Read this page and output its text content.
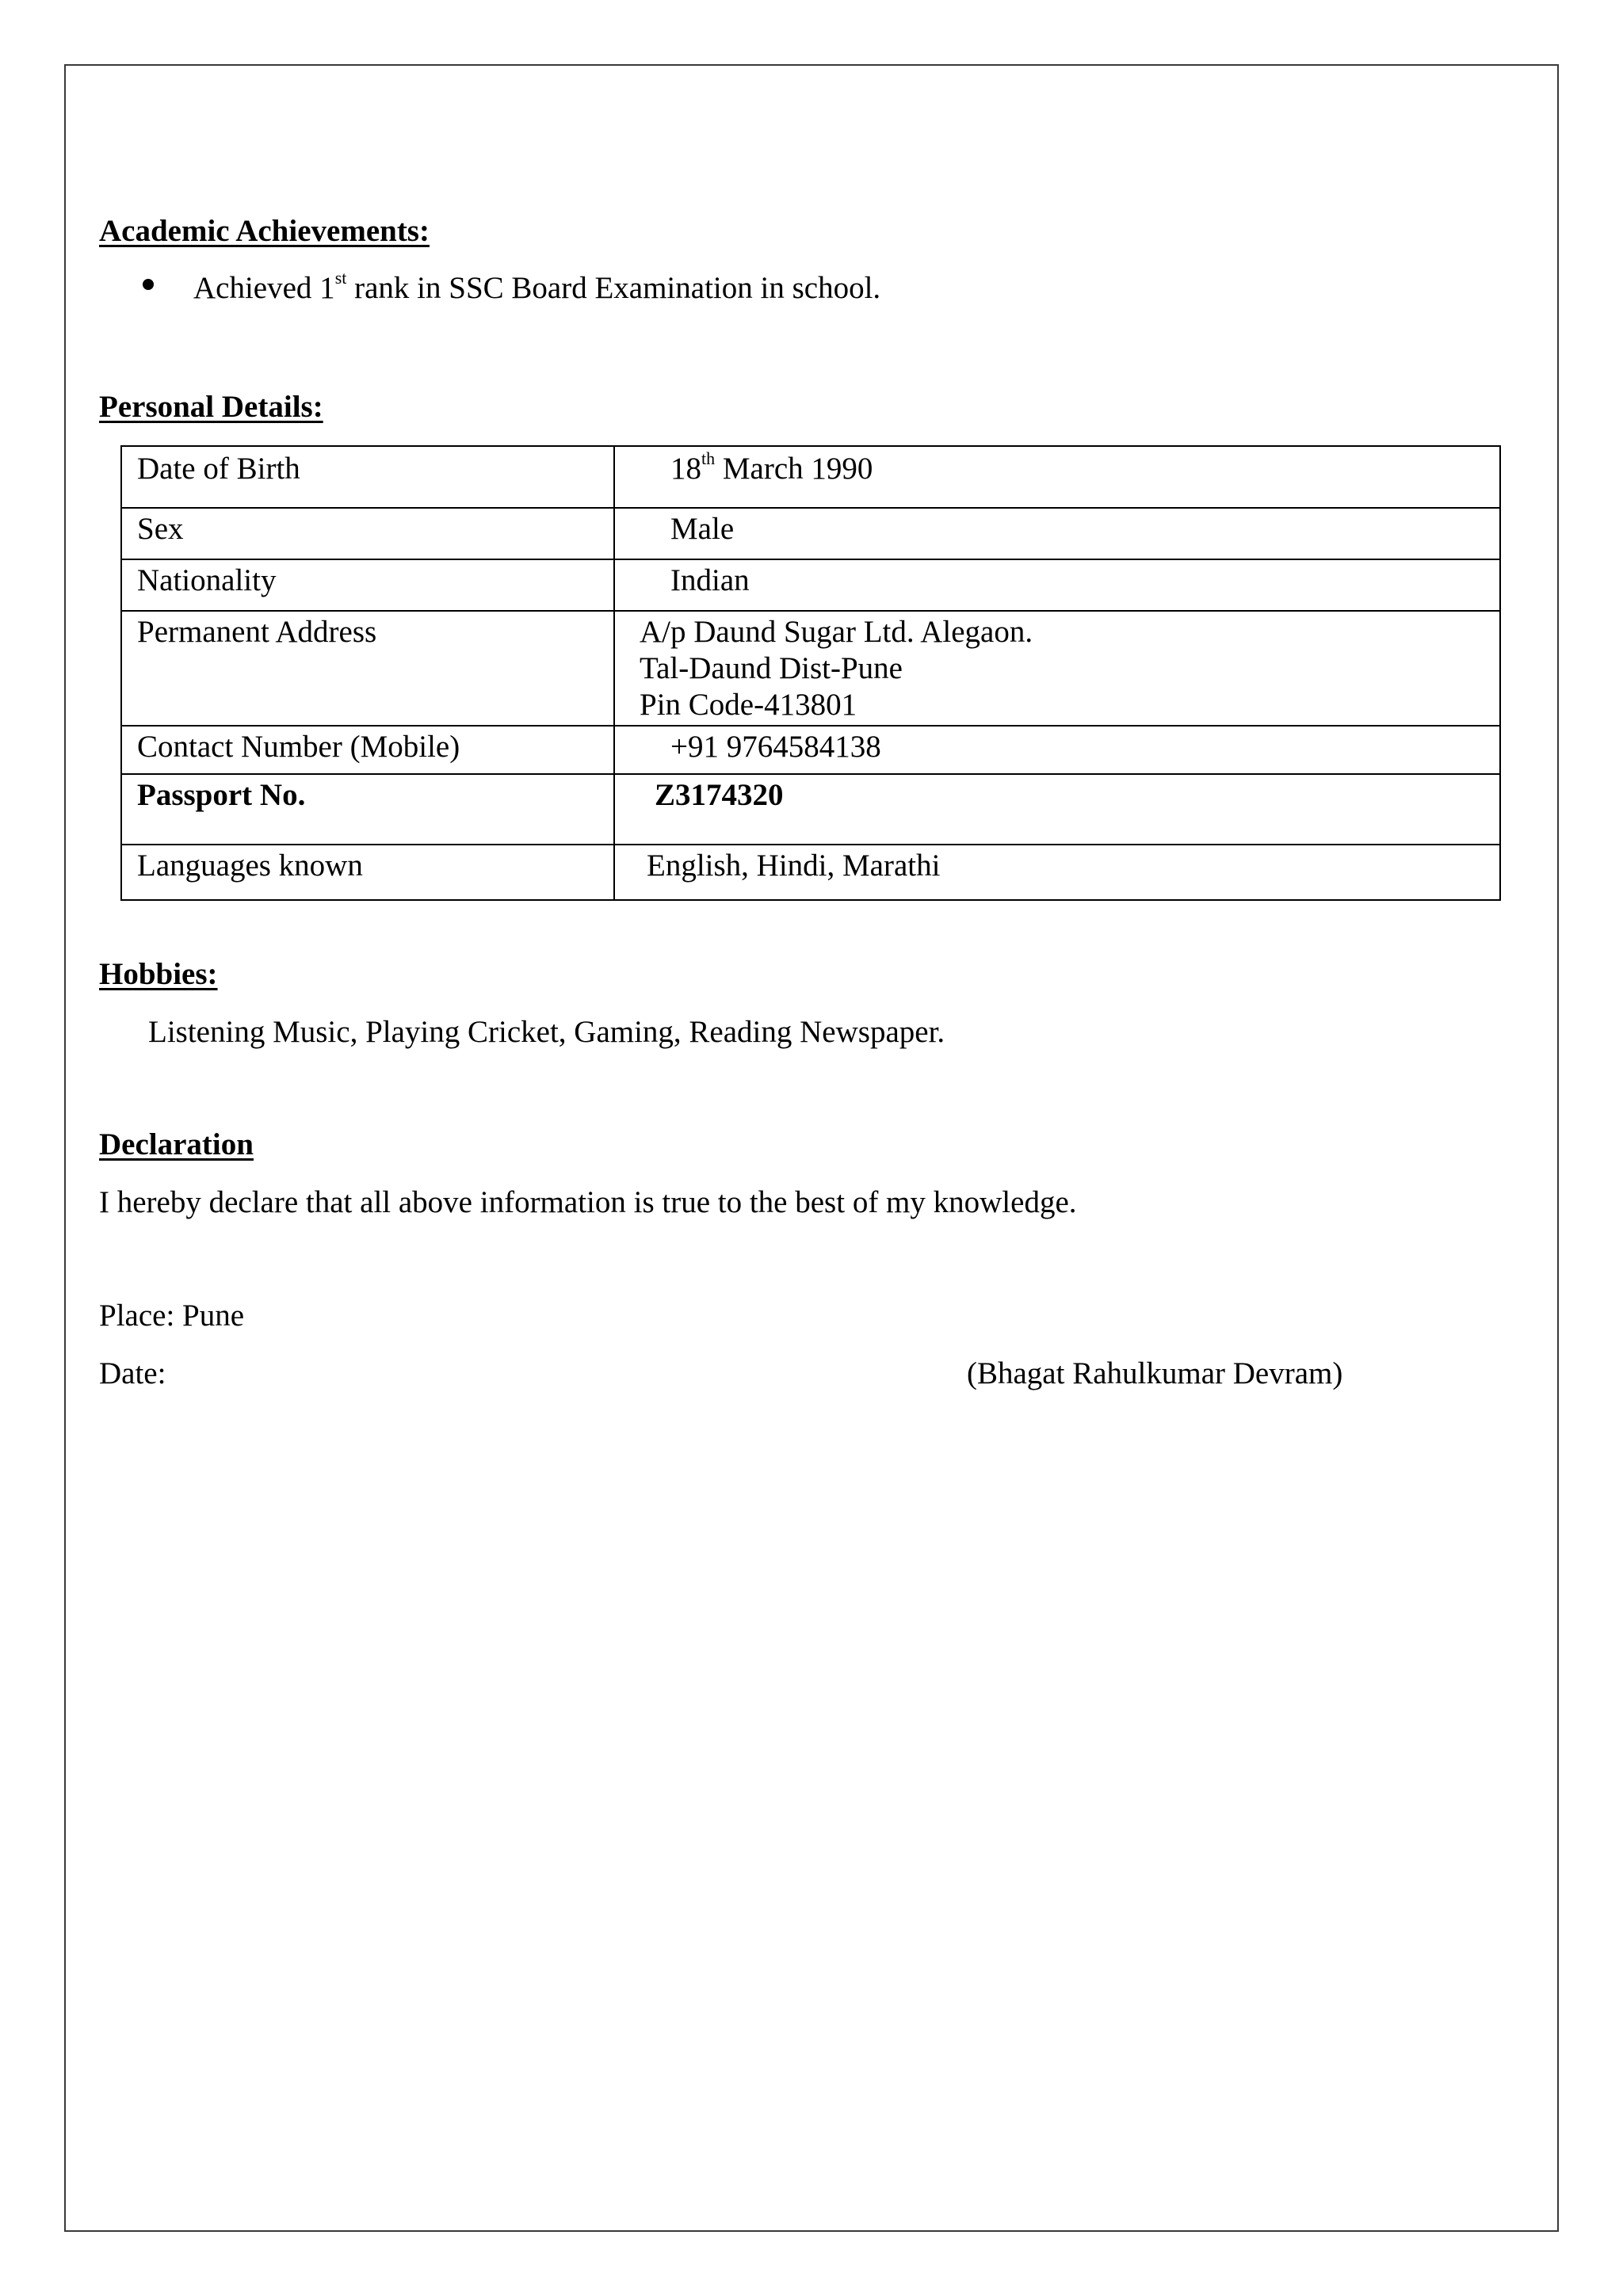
Academic Achievements:
Achieved 1st rank in SSC Board Examination in school.
Personal Details:
Date of Birth	18th March 1990
Sex	Male
Nationality	Indian
Permanent Address	A/p Daund Sugar Ltd. Alegaon.
Tal-Daund Dist-Pune
Pin Code-413801

Contact Number (Mobile)	+91 9764584138
Passport No.	Z3174320
Languages known	English, Hindi, Marathi
Hobbies:
Listening Music, Playing Cricket, Gaming, Reading Newspaper.
Declaration
I hereby declare that all above information is true to the best of my knowledge.
Place: Pune
Date:	(Bhagat Rahulkumar Devram)
